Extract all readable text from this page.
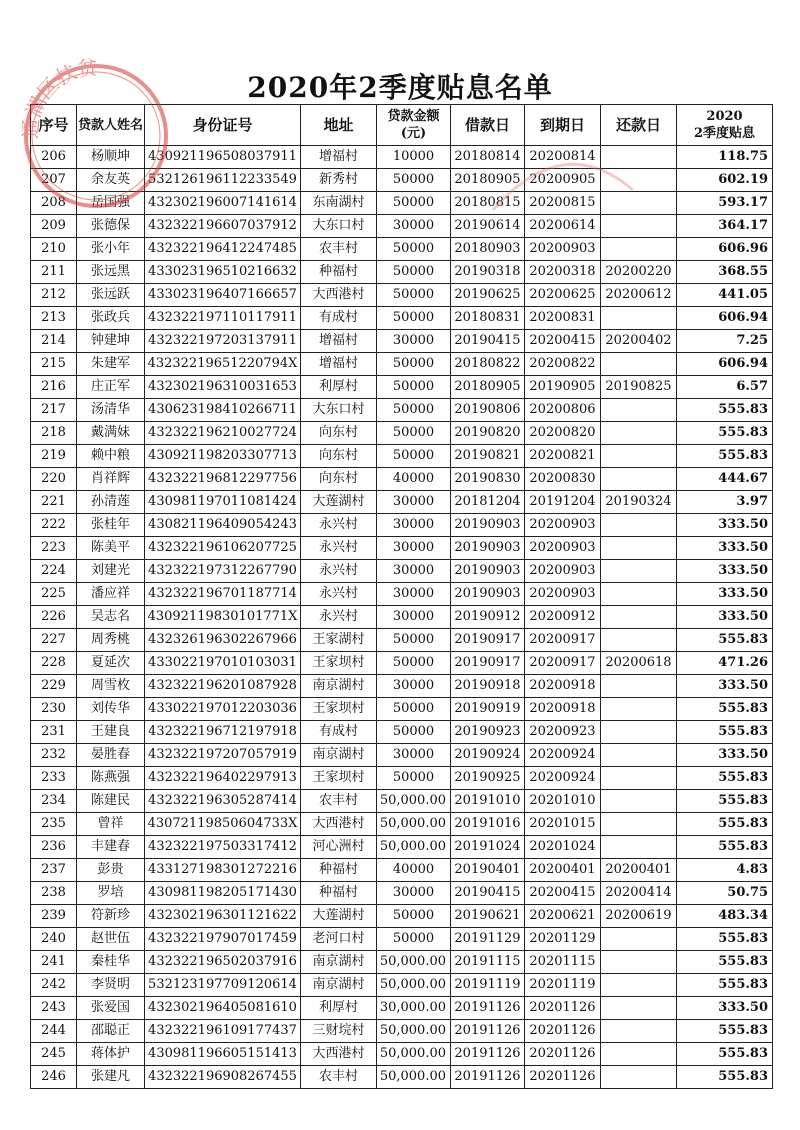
2020年2季度贴息名单
序号	贷款人姓名	身份证号	地址	贷款金额(元)	借款日	到期日	还款日	2020
2季度贴息

206	杨顺坤	430921196508037911	增福村	10000	20180814	20200814		118.75
207	余友英	532126196112233549	新秀村	50000	20180905	20200905		602.19
208	岳国强	432302196007141614	东南湖村	50000	20180815	20200815		593.17
209	张德保	432322196607037912	大东口村	30000	20190614	20200614		364.17
210	张小年	432322196412247485	农丰村	50000	20180903	20200903		606.96
211	张远黑	433023196510216632	种福村	50000	20190318	20200318	20200220	368.55
212	张远跃	433023196407166657	大西港村	50000	20190625	20200625	20200612	441.05
213	张政兵	432322197110117911	有成村	50000	20180831	20200831		606.94
214	钟建坤	432322197203137911	增福村	30000	20190415	20200415	20200402	7.25
215	朱建军	43232219651220794X	增福村	50000	20180822	20200822		606.94
216	庄正军	432302196310031653	利厚村	50000	20180905	20190905	20190825	6.57
217	汤清华	430623198410266711	大东口村	50000	20190806	20200806		555.83
218	戴满妹	432322196210027724	向东村	50000	20190820	20200820		555.83
219	赖中粮	430921198203307713	向东村	50000	20190821	20200821		555.83
220	肖祥辉	432322196812297756	向东村	40000	20190830	20200830		444.67
221	孙清莲	430981197011081424	大莲湖村	30000	20181204	20191204	20190324	3.97
222	张桂年	430821196409054243	永兴村	30000	20190903	20200903		333.50
223	陈美平	432322196106207725	永兴村	30000	20190903	20200903		333.50
224	刘建光	432322197312267790	永兴村	30000	20190903	20200903		333.50
225	潘应祥	432322196701187714	永兴村	30000	20190903	20200903		333.50
226	吴志名	43092119830101771X	永兴村	30000	20190912	20200912		333.50
227	周秀桃	432326196302267966	王家湖村	50000	20190917	20200917		555.83
228	夏延次	433022197010103031	王家坝村	50000	20190917	20200917	20200618	471.26
229	周雪枚	432322196201087928	南京湖村	30000	20190918	20200918		333.50
230	刘传华	433022197012203036	王家坝村	50000	20190919	20200918		555.83
231	王建良	432322196712197918	有成村	50000	20190923	20200923		555.83
232	晏胜春	432322197207057919	南京湖村	30000	20190924	20200924		333.50
233	陈燕强	432322196402297913	王家坝村	50000	20190925	20200924		555.83
234	陈建民	432322196305287414	农丰村	50,000.00	20191010	20201010		555.83
235	曾祥	43072119850604733X	大西港村	50,000.00	20191016	20201015		555.83
236	丰建春	432322197503317412	河心洲村	50,000.00	20191024	20201024		555.83
237	彭贵	433127198301272216	种福村	40000	20190401	20200401	20200401	4.83
238	罗培	430981198205171430	种福村	30000	20190415	20200415	20200414	50.75
239	符新珍	432302196301121622	大莲湖村	50000	20190621	20200621	20200619	483.34
240	赵世伍	432322197907017459	老河口村	50000	20191129	20201129		555.83
241	秦桂华	432322196502037916	南京湖村	50,000.00	20191115	20201115		555.83
242	李贤明	532123197709120614	南京湖村	50,000.00	20191119	20201119		555.83
243	张爱国	432302196405081610	利厚村	30,000.00	20191126	20201126		333.50
244	邵聪正	432322196109177437	三财垸村	50,000.00	20191126	20201126		555.83
245	蒋体护	430981196605151413	大西港村	50,000.00	20191126	20201126		555.83
246	张建凡	432322196908267455	农丰村	50,000.00	20191126	20201126		555.83
通湖区扶贫
